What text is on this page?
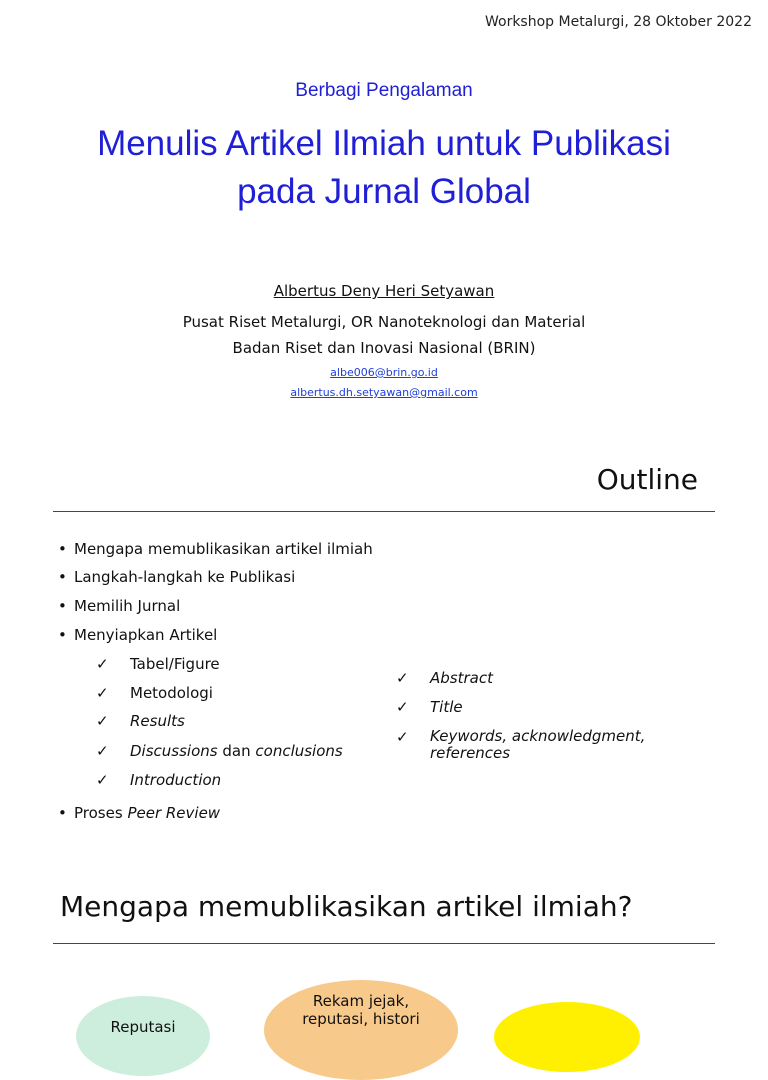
Workshop Metalurgi, 28 Oktober 2022
Berbagi Pengalaman
Menulis Artikel Ilmiah untuk Publikasi
pada Jurnal Global
Albertus Deny Heri Setyawan
Pusat Riset Metalurgi, OR Nanoteknologi dan Material
Badan Riset dan Inovasi Nasional (BRIN)
albe006@brin.go.id
albertus.dh.setyawan@gmail.com
Outline
• Mengapa memublikasikan artikel ilmiah
• Langkah-langkah ke Publikasi
• Memilih Jurnal
• Menyiapkan Artikel
✓ Tabel/Figure
✓ Metodologi
✓ Results
✓ Discussions dan conclusions
✓ Introduction
✓ Abstract
✓ Title
✓ Keywords, acknowledgment, references
• Proses Peer Review
Mengapa memublikasikan artikel ilmiah?
Reputasi
Rekam jejak,
reputasi, histori
